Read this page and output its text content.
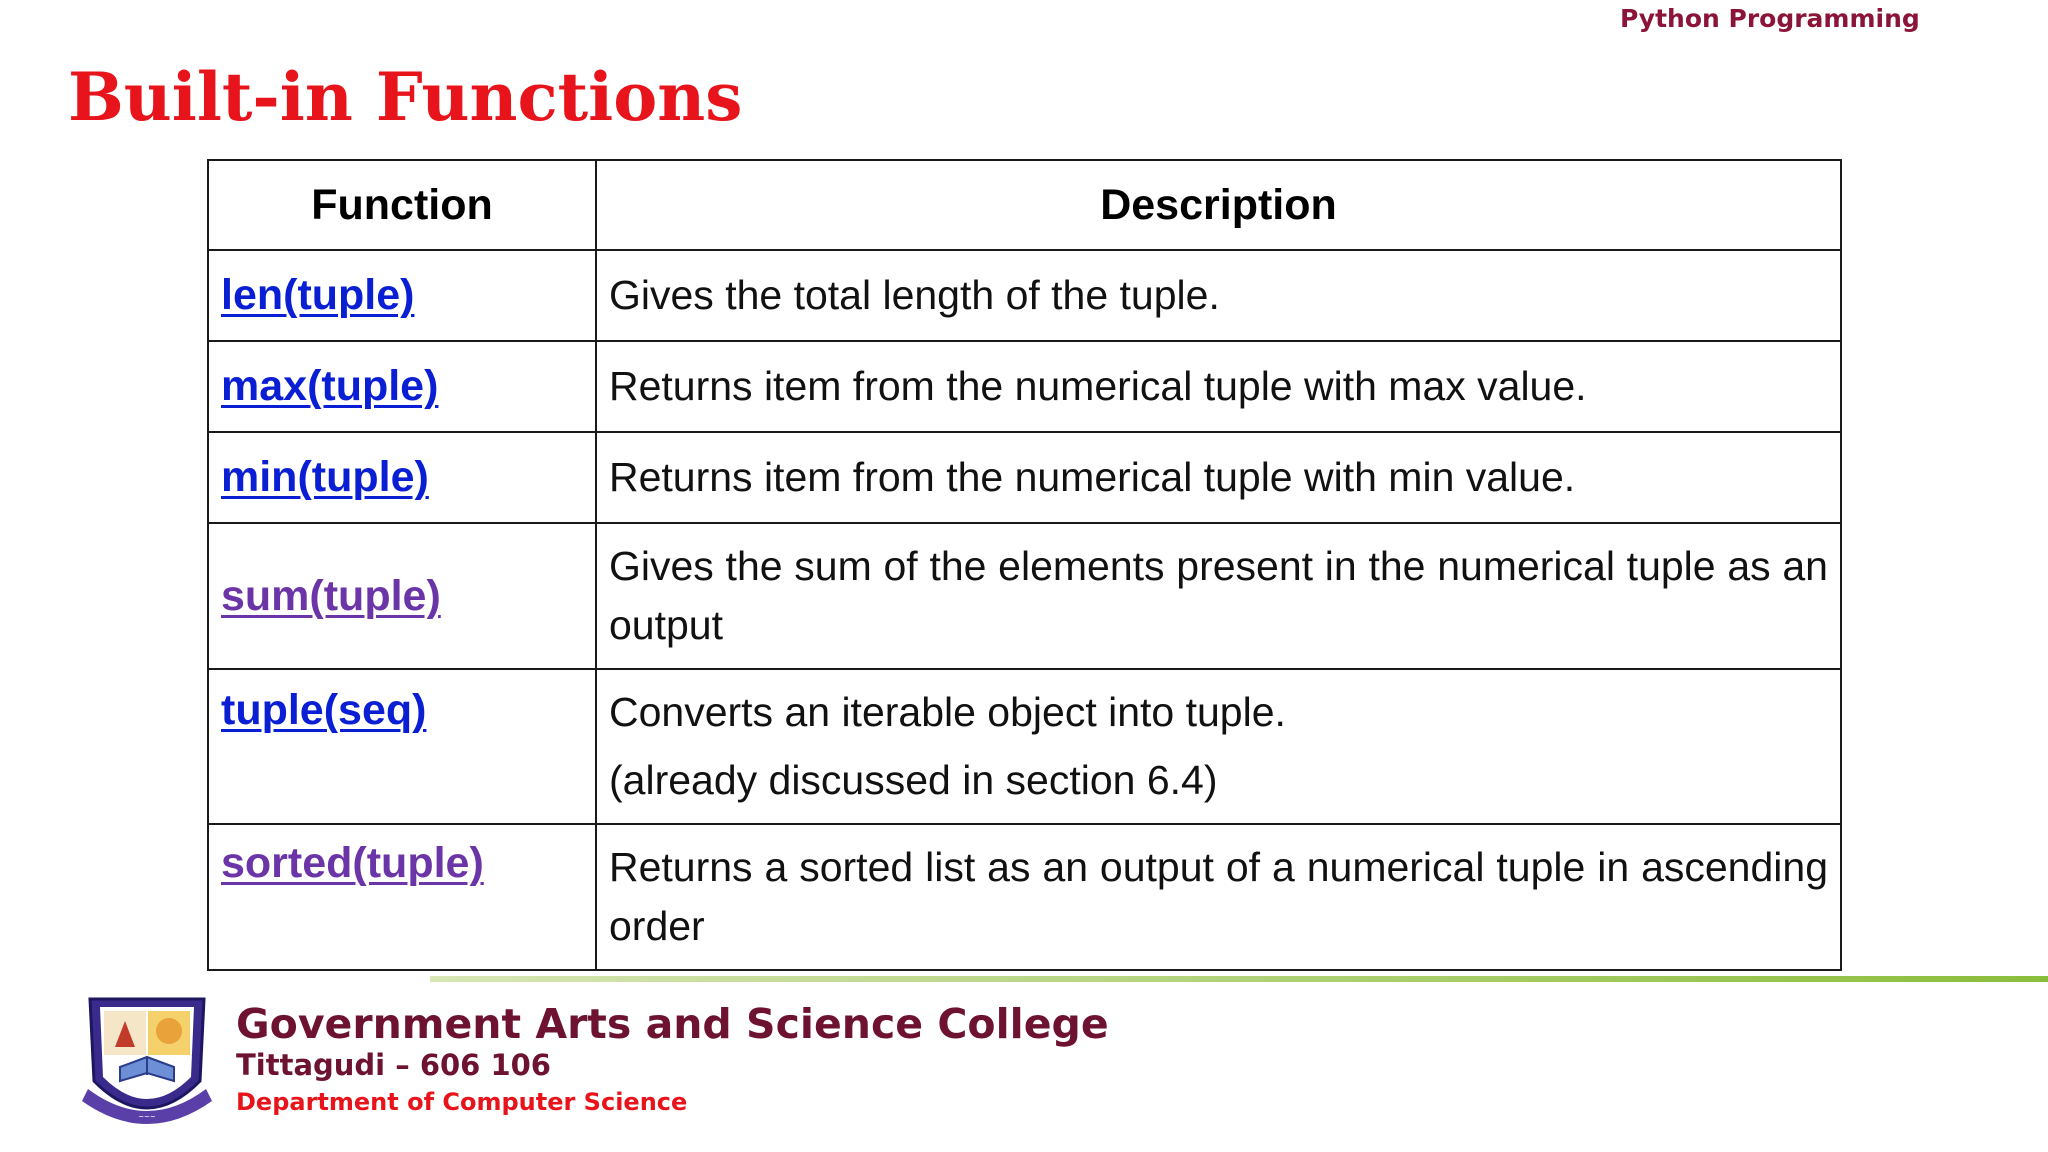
Python Programming
Built-in Functions
Function	Description
len(tuple)	Gives the total length of the tuple.

max(tuple)	Returns item from the numerical tuple with max value.

min(tuple)	Returns item from the numerical tuple with min value.

sum(tuple)	Gives the sum of the elements present in the numerical tuple as an output

tuple(seq)	Converts an iterable object into tuple.
(already discussed in section 6.4)

sorted(tuple)	Returns a sorted list as an output of a numerical tuple in ascending order
~~~
Government Arts and Science College
Tittagudi – 606 106
Department of Computer Science
